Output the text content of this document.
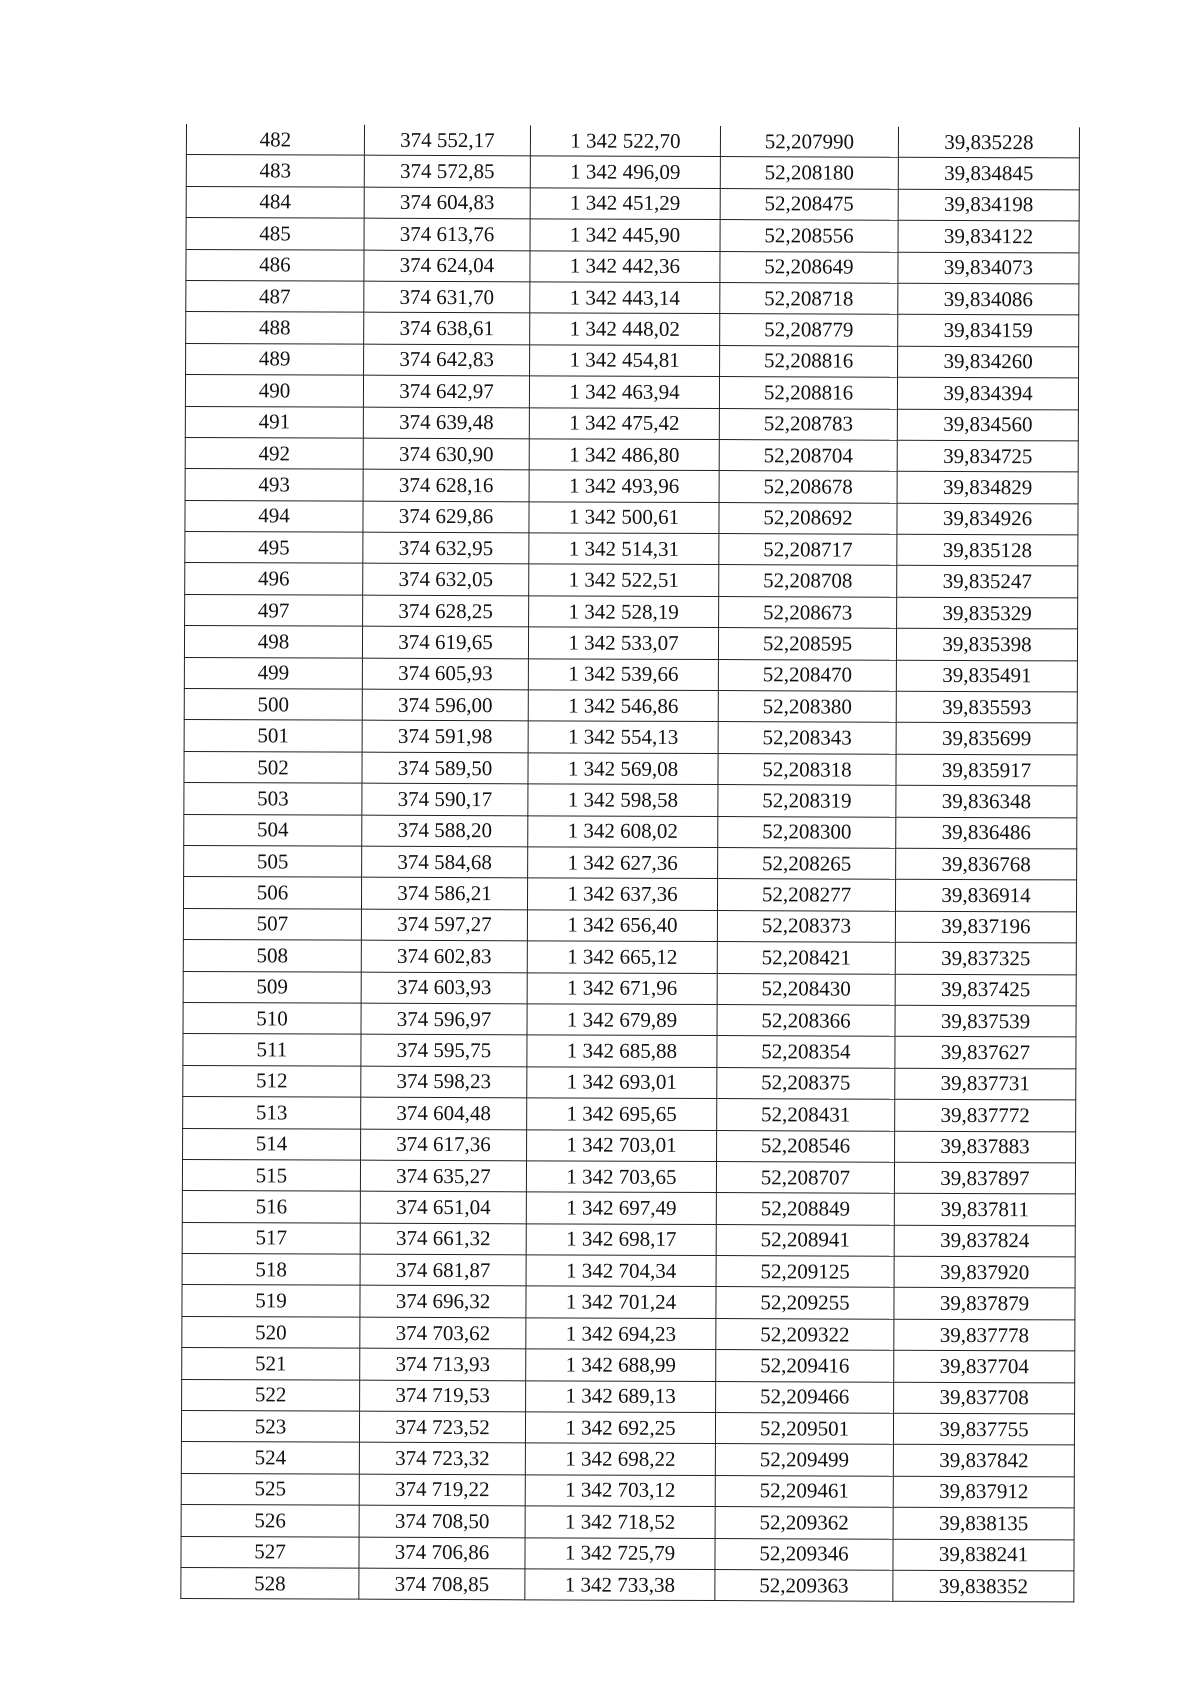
482	374 552,17	1 342 522,70	52,207990	39,835228
483	374 572,85	1 342 496,09	52,208180	39,834845
484	374 604,83	1 342 451,29	52,208475	39,834198
485	374 613,76	1 342 445,90	52,208556	39,834122
486	374 624,04	1 342 442,36	52,208649	39,834073
487	374 631,70	1 342 443,14	52,208718	39,834086
488	374 638,61	1 342 448,02	52,208779	39,834159
489	374 642,83	1 342 454,81	52,208816	39,834260
490	374 642,97	1 342 463,94	52,208816	39,834394
491	374 639,48	1 342 475,42	52,208783	39,834560
492	374 630,90	1 342 486,80	52,208704	39,834725
493	374 628,16	1 342 493,96	52,208678	39,834829
494	374 629,86	1 342 500,61	52,208692	39,834926
495	374 632,95	1 342 514,31	52,208717	39,835128
496	374 632,05	1 342 522,51	52,208708	39,835247
497	374 628,25	1 342 528,19	52,208673	39,835329
498	374 619,65	1 342 533,07	52,208595	39,835398
499	374 605,93	1 342 539,66	52,208470	39,835491
500	374 596,00	1 342 546,86	52,208380	39,835593
501	374 591,98	1 342 554,13	52,208343	39,835699
502	374 589,50	1 342 569,08	52,208318	39,835917
503	374 590,17	1 342 598,58	52,208319	39,836348
504	374 588,20	1 342 608,02	52,208300	39,836486
505	374 584,68	1 342 627,36	52,208265	39,836768
506	374 586,21	1 342 637,36	52,208277	39,836914
507	374 597,27	1 342 656,40	52,208373	39,837196
508	374 602,83	1 342 665,12	52,208421	39,837325
509	374 603,93	1 342 671,96	52,208430	39,837425
510	374 596,97	1 342 679,89	52,208366	39,837539
511	374 595,75	1 342 685,88	52,208354	39,837627
512	374 598,23	1 342 693,01	52,208375	39,837731
513	374 604,48	1 342 695,65	52,208431	39,837772
514	374 617,36	1 342 703,01	52,208546	39,837883
515	374 635,27	1 342 703,65	52,208707	39,837897
516	374 651,04	1 342 697,49	52,208849	39,837811
517	374 661,32	1 342 698,17	52,208941	39,837824
518	374 681,87	1 342 704,34	52,209125	39,837920
519	374 696,32	1 342 701,24	52,209255	39,837879
520	374 703,62	1 342 694,23	52,209322	39,837778
521	374 713,93	1 342 688,99	52,209416	39,837704
522	374 719,53	1 342 689,13	52,209466	39,837708
523	374 723,52	1 342 692,25	52,209501	39,837755
524	374 723,32	1 342 698,22	52,209499	39,837842
525	374 719,22	1 342 703,12	52,209461	39,837912
526	374 708,50	1 342 718,52	52,209362	39,838135
527	374 706,86	1 342 725,79	52,209346	39,838241
528	374 708,85	1 342 733,38	52,209363	39,838352
